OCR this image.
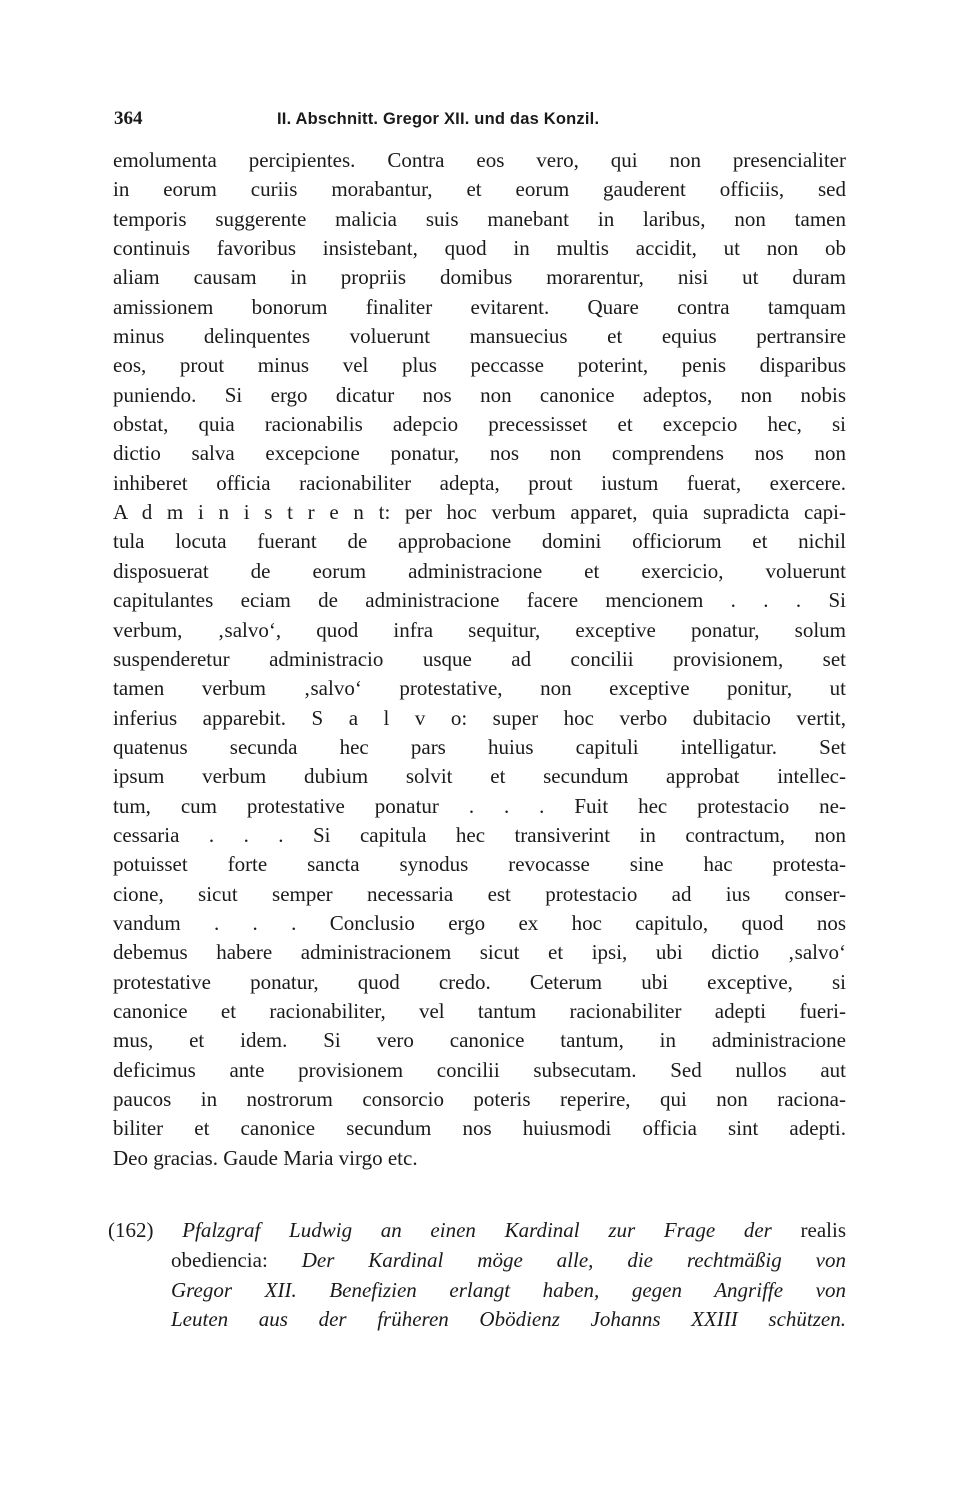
364	II. Abschnitt. Gregor XII. und das Konzil.
emolumenta percipientes. Contra eos vero, qui non presencialiter
in eorum curiis morabantur, et eorum gauderent officiis, sed
temporis suggerente malicia suis manebant in laribus, non tamen
continuis favoribus insistebant, quod in multis accidit, ut non ob
aliam causam in propriis domibus morarentur, nisi ut duram
amissionem bonorum finaliter evitarent. Quare contra tamquam
minus delinquentes voluerunt mansuecius et equius pertransire
eos, prout minus vel plus peccasse poterint, penis disparibus
puniendo. Si ergo dicatur nos non canonice adeptos, non nobis
obstat, quia racionabilis adepcio precessisset et excepcio hec, si
dictio salva excepcione ponatur, nos non comprendens nos non
inhiberet officia racionabiliter adepta, prout iustum fuerat, exercere.
A d m i n i s t r e n t: per hoc verbum apparet, quia supradicta capi-
tula locuta fuerant de approbacione domini officiorum et nichil
disposuerat de eorum administracione et exercicio, voluerunt
capitulantes eciam de administracione facere mencionem . . . Si
verbum, ‚salvo‘, quod infra sequitur, exceptive ponatur, solum
suspenderetur administracio usque ad concilii provisionem, set
tamen verbum ‚salvo‘ protestative, non exceptive ponitur, ut
inferius apparebit. S a l v o: super hoc verbo dubitacio vertit,
quatenus secunda hec pars huius capituli intelligatur. Set
ipsum verbum dubium solvit et secundum approbat intellec-
tum, cum protestative ponatur . . . Fuit hec protestacio ne-
cessaria . . . Si capitula hec transiverint in contractum, non
potuisset forte sancta synodus revocasse sine hac protesta-
cione, sicut semper necessaria est protestacio ad ius conser-
vandum . . . Conclusio ergo ex hoc capitulo, quod nos
debemus habere administracionem sicut et ipsi, ubi dictio ‚salvo‘
protestative ponatur, quod credo. Ceterum ubi exceptive, si
canonice et racionabiliter, vel tantum racionabiliter adepti fueri-
mus, et idem. Si vero canonice tantum, in administracione
deficimus ante provisionem concilii subsecutam. Sed nullos aut
paucos in nostrorum consorcio poteris reperire, qui non raciona-
biliter et canonice secundum nos huiusmodi officia sint adepti.
Deo gracias. Gaude Maria virgo etc.
(162) Pfalzgraf Ludwig an einen Kardinal zur Frage der realis
obediencia: Der Kardinal möge alle, die rechtmäßig von
Gregor XII. Benefizien erlangt haben, gegen Angriffe von
Leuten aus der früheren Obödienz Johanns XXIII schützen.
